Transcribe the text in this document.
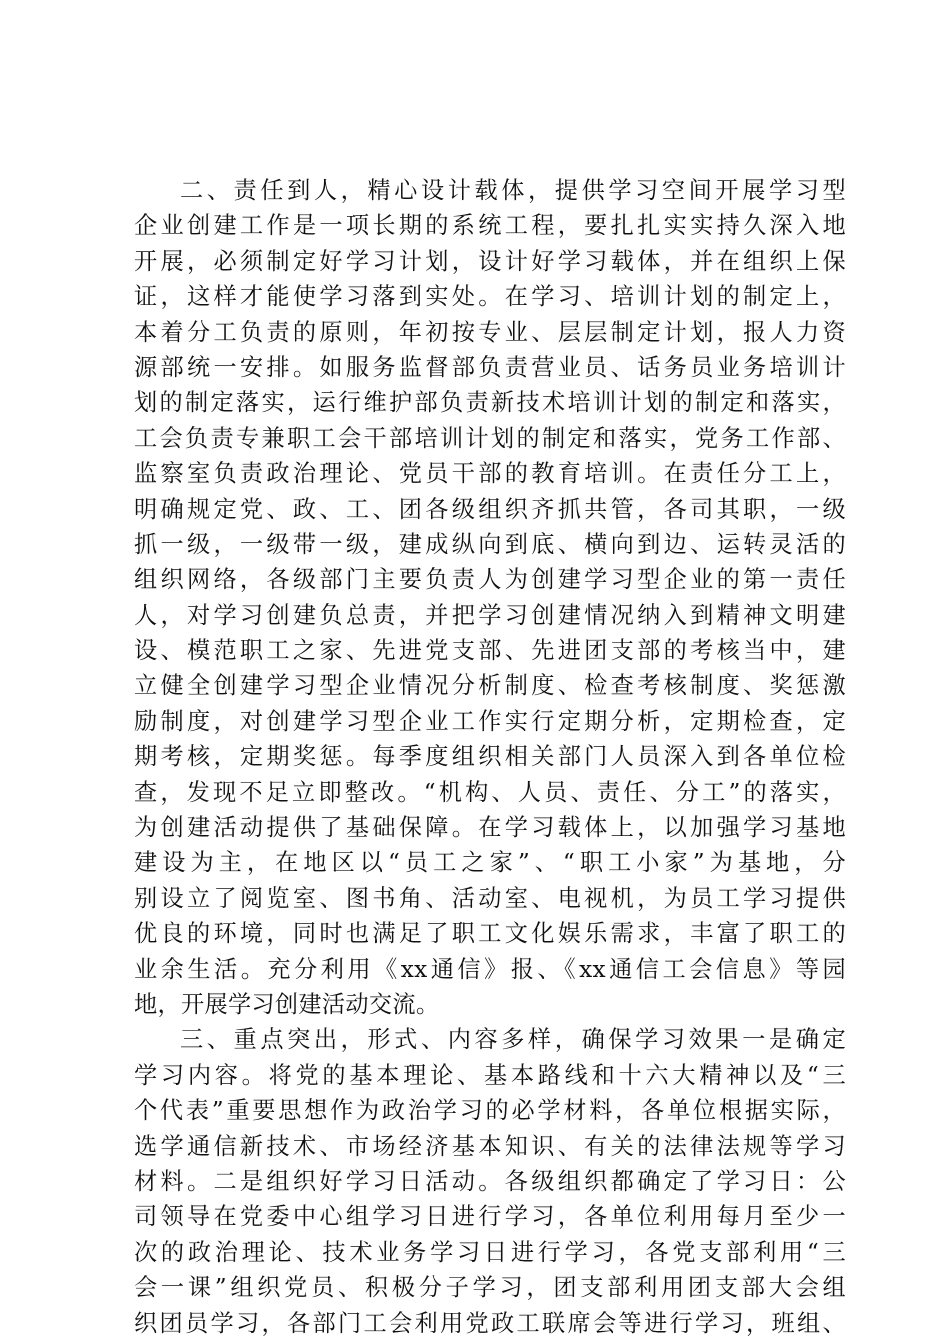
二、责任到人，精心设计载体，提供学习空间开展学习型
企业创建工作是一项长期的系统工程，要扎扎实实持久深入地
开展，必须制定好学习计划，设计好学习载体，并在组织上保
证，这样才能使学习落到实处。在学习、培训计划的制定上，
本着分工负责的原则，年初按专业、层层制定计划，报人力资
源部统一安排。如服务监督部负责营业员、话务员业务培训计
划的制定落实，运行维护部负责新技术培训计划的制定和落实，
工会负责专兼职工会干部培训计划的制定和落实，党务工作部、
监察室负责政治理论、党员干部的教育培训。在责任分工上，
明确规定党、政、工、团各级组织齐抓共管，各司其职，一级
抓一级，一级带一级，建成纵向到底、横向到边、运转灵活的
组织网络，各级部门主要负责人为创建学习型企业的第一责任
人，对学习创建负总责，并把学习创建情况纳入到精神文明建
设、模范职工之家、先进党支部、先进团支部的考核当中，建
立健全创建学习型企业情况分析制度、检查考核制度、奖惩激
励制度，对创建学习型企业工作实行定期分析，定期检查，定
期考核，定期奖惩。每季度组织相关部门人员深入到各单位检
查，发现不足立即整改。“机构、人员、责任、分工”的落实，
为创建活动提供了基础保障。在学习载体上，以加强学习基地
建设为主，在地区以“员工之家”、“职工小家”为基地，分
别设立了阅览室、图书角、活动室、电视机，为员工学习提供
优良的环境，同时也满足了职工文化娱乐需求，丰富了职工的
业余生活。充分利用《xx通信》报、《xx通信工会信息》等园
地，开展学习创建活动交流。
三、重点突出，形式、内容多样，确保学习效果一是确定
学习内容。将党的基本理论、基本路线和十六大精神以及“三
个代表”重要思想作为政治学习的必学材料，各单位根据实际，
选学通信新技术、市场经济基本知识、有关的法律法规等学习
材料。二是组织好学习日活动。各级组织都确定了学习日：公
司领导在党委中心组学习日进行学习，各单位利用每月至少一
次的政治理论、技术业务学习日进行学习，各党支部利用“三
会一课”组织党员、积极分子学习，团支部利用团支部大会组
织团员学习，各部门工会利用党政工联席会等进行学习，班组、
